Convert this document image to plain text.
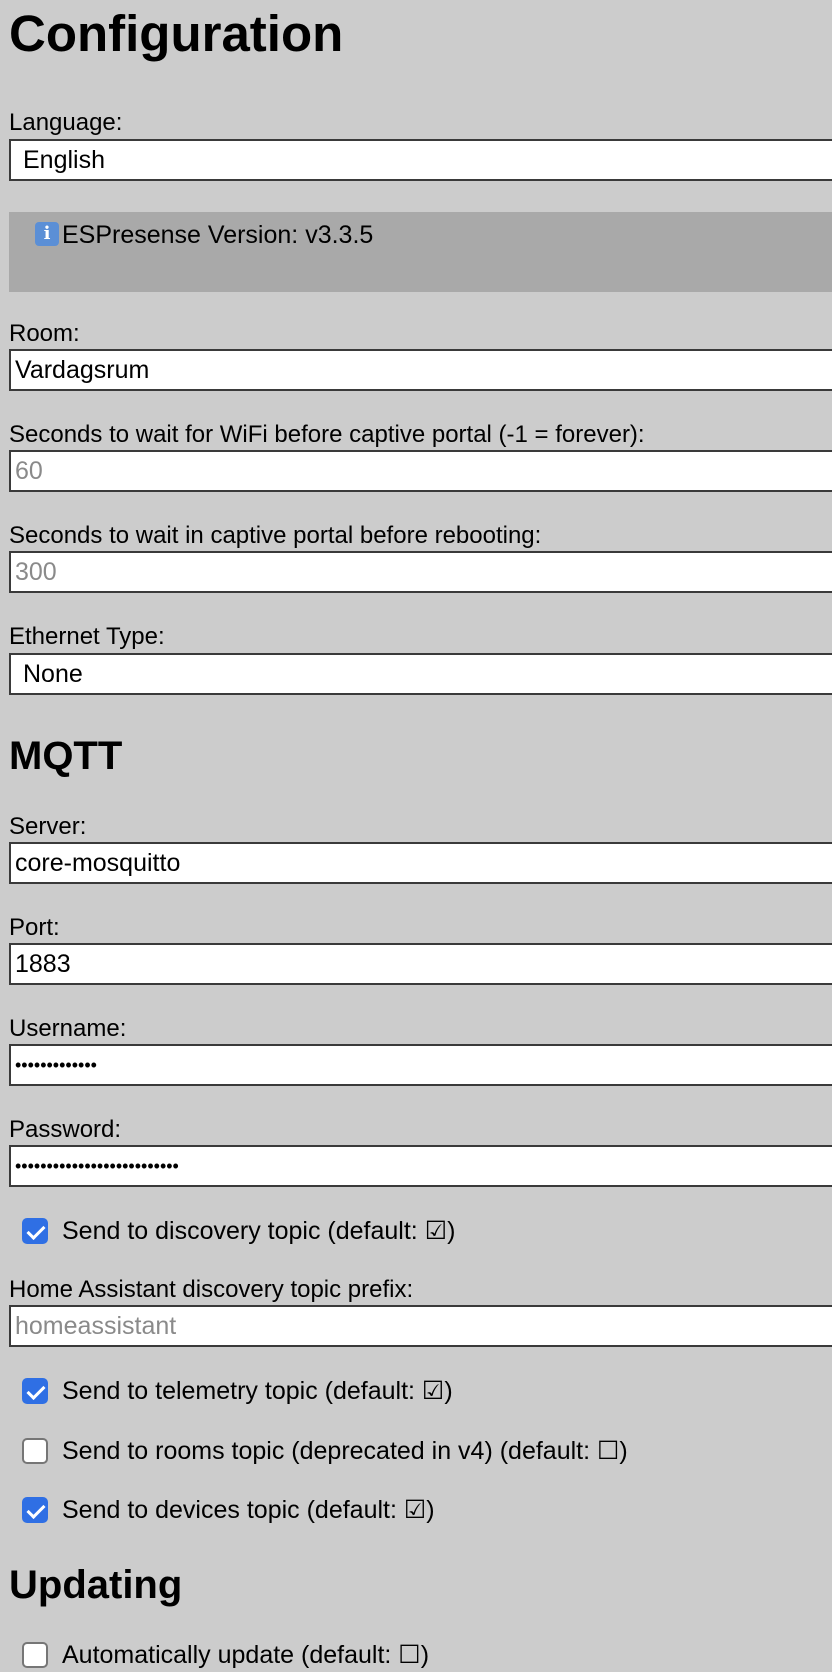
Configuration
Language:
English
i ESPresense Version: v3.3.5
Room:
Vardagsrum
Seconds to wait for WiFi before captive portal (-1 = forever):
60
Seconds to wait in captive portal before rebooting:
300
Ethernet Type:
None
MQTT
Server:
core-mosquitto
Port:
1883
Username:
•••••••••••••
Password:
••••••••••••••••••••••••••
Send to discovery topic (default: ☑)
Home Assistant discovery topic prefix:
homeassistant
Send to telemetry topic (default: ☑)
Send to rooms topic (deprecated in v4) (default: ☐)
Send to devices topic (default: ☑)
Updating
Automatically update (default: ☐)
